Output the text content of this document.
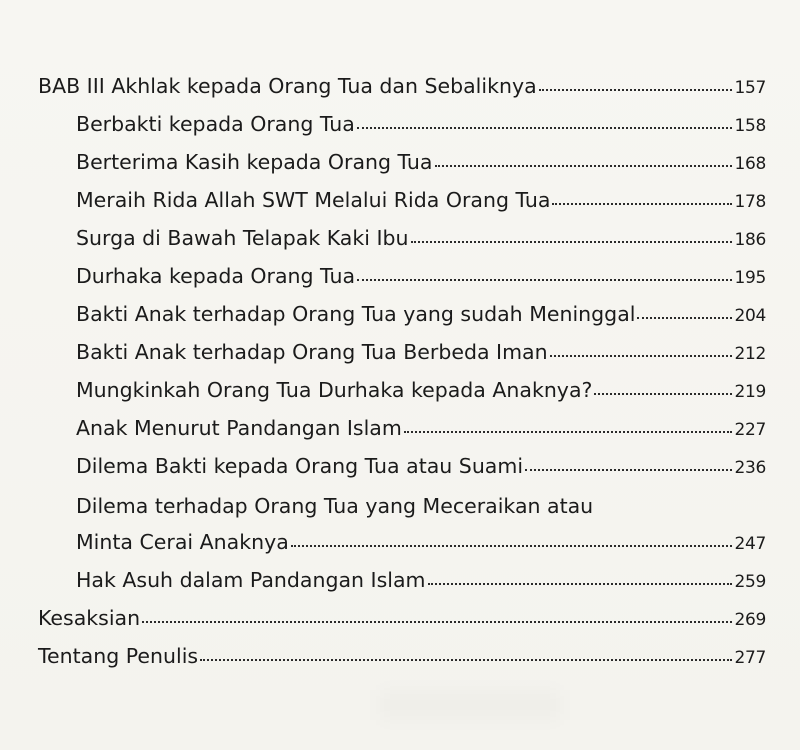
BAB III Akhlak kepada Orang Tua dan Sebaliknya	157
Berbakti kepada Orang Tua	158
Berterima Kasih kepada Orang Tua	168
Meraih Rida Allah SWT Melalui Rida Orang Tua	178
Surga di Bawah Telapak Kaki Ibu	186
Durhaka kepada Orang Tua	195
Bakti Anak terhadap Orang Tua yang sudah Meninggal	204
Bakti Anak terhadap Orang Tua Berbeda Iman	212
Mungkinkah Orang Tua Durhaka kepada Anaknya?	219
Anak Menurut Pandangan Islam	227
Dilema Bakti kepada Orang Tua atau Suami	236
Dilema terhadap Orang Tua yang Meceraikan atau
Minta Cerai Anaknya	247
Hak Asuh dalam Pandangan Islam	259
Kesaksian	269
Tentang Penulis	277
